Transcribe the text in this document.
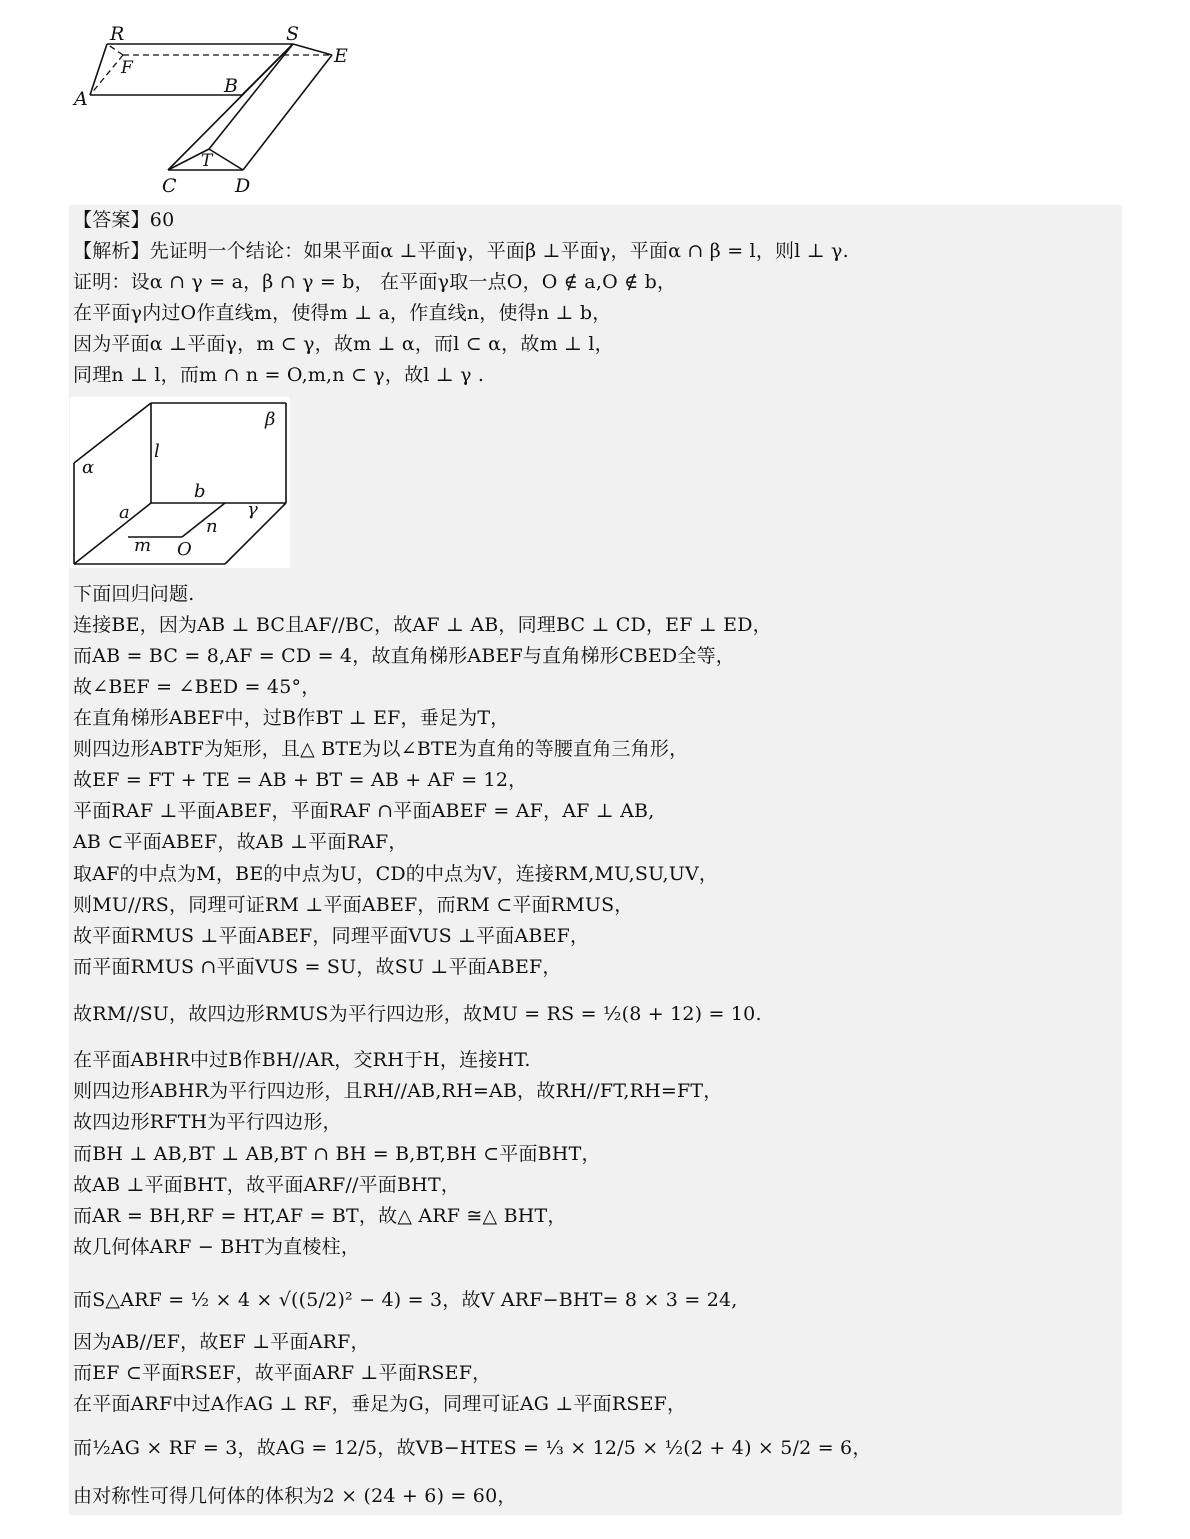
R	S
E
F
A
B
T
C	D
【答案】60
【解析】先证明一个结论：如果平面α ⊥平面γ，平面β ⊥平面γ，平面α ∩ β = l，则l ⊥ γ.
证明：设α ∩ γ = a，β ∩ γ = b， 在平面γ取一点O，O ∉ a,O ∉ b，
在平面γ内过O作直线m，使得m ⊥ a，作直线n，使得n ⊥ b，
因为平面α ⊥平面γ，m ⊂ γ，故m ⊥ α，而l ⊂ α，故m ⊥ l，
同理n ⊥ l，而m ∩ n = O,m,n ⊂ γ，故l ⊥ γ .
β
α
l
b
a	γ
n
m O
下面回归问题.
连接BE，因为AB ⊥ BC且AF//BC，故AF ⊥ AB，同理BC ⊥ CD，EF ⊥ ED，
而AB = BC = 8,AF = CD = 4，故直角梯形ABEF与直角梯形CBED全等，
故∠BEF = ∠BED = 45°，
在直角梯形ABEF中，过B作BT ⊥ EF，垂足为T，
则四边形ABTF为矩形，且△ BTE为以∠BTE为直角的等腰直角三角形，
故EF = FT + TE = AB + BT = AB + AF = 12，
平面RAF ⊥平面ABEF，平面RAF ∩平面ABEF = AF，AF ⊥ AB,
AB ⊂平面ABEF，故AB ⊥平面RAF，
取AF的中点为M，BE的中点为U，CD的中点为V，连接RM,MU,SU,UV，
则MU//RS，同理可证RM ⊥平面ABEF，而RM ⊂平面RMUS，
故平面RMUS ⊥平面ABEF，同理平面VUS ⊥平面ABEF，
而平面RMUS ∩平面VUS = SU，故SU ⊥平面ABEF，
故RM//SU，故四边形RMUS为平行四边形，故MU = RS = ½(8 + 12) = 10.
在平面ABHR中过B作BH//AR，交RH于H，连接HT.
则四边形ABHR为平行四边形，且RH//AB,RH=AB，故RH//FT,RH=FT，
故四边形RFTH为平行四边形，
而BH ⊥ AB,BT ⊥ AB,BT ∩ BH = B,BT,BH ⊂平面BHT，
故AB ⊥平面BHT，故平面ARF//平面BHT，
而AR = BH,RF = HT,AF = BT，故△ ARF ≅△ BHT，
故几何体ARF − BHT为直棱柱，
而S△ARF = ½ × 4 × √((5/2)² − 4) = 3，故V ARF−BHT= 8 × 3 = 24,
因为AB//EF，故EF ⊥平面ARF，
而EF ⊂平面RSEF，故平面ARF ⊥平面RSEF，
在平面ARF中过A作AG ⊥ RF，垂足为G，同理可证AG ⊥平面RSEF，
而½AG × RF = 3，故AG = 12/5，故VB−HTES = ⅓ × 12/5 × ½(2 + 4) × 5/2 = 6，
由对称性可得几何体的体积为2 × (24 + 6) = 60，
